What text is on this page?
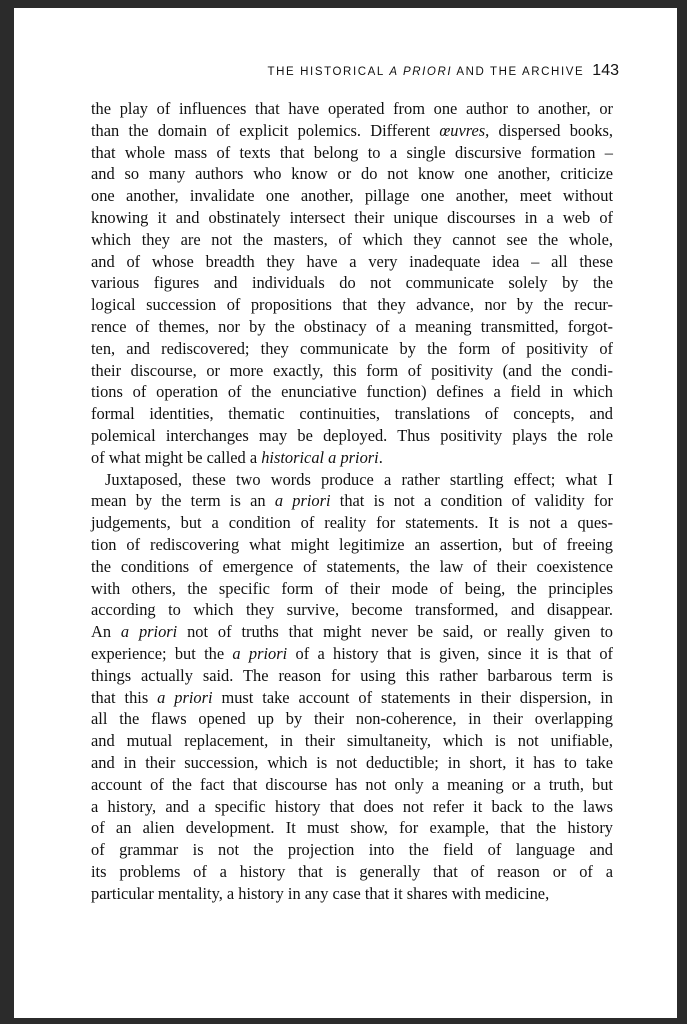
THE HISTORICAL A PRIORI AND THE ARCHIVE 143
the play of influences that have operated from one author to another, or
than the domain of explicit polemics. Different œuvres, dispersed books,
that whole mass of texts that belong to a single discursive formation –
and so many authors who know or do not know one another, criticize
one another, invalidate one another, pillage one another, meet without
knowing it and obstinately intersect their unique discourses in a web of
which they are not the masters, of which they cannot see the whole,
and of whose breadth they have a very inadequate idea – all these
various figures and individuals do not communicate solely by the
logical succession of propositions that they advance, nor by the recur-
rence of themes, nor by the obstinacy of a meaning transmitted, forgot-
ten, and rediscovered; they communicate by the form of positivity of
their discourse, or more exactly, this form of positivity (and the condi-
tions of operation of the enunciative function) defines a field in which
formal identities, thematic continuities, translations of concepts, and
polemical interchanges may be deployed. Thus positivity plays the role
of what might be called a historical a priori.
Juxtaposed, these two words produce a rather startling effect; what I
mean by the term is an a priori that is not a condition of validity for
judgements, but a condition of reality for statements. It is not a ques-
tion of rediscovering what might legitimize an assertion, but of freeing
the conditions of emergence of statements, the law of their coexistence
with others, the specific form of their mode of being, the principles
according to which they survive, become transformed, and disappear.
An a priori not of truths that might never be said, or really given to
experience; but the a priori of a history that is given, since it is that of
things actually said. The reason for using this rather barbarous term is
that this a priori must take account of statements in their dispersion, in
all the flaws opened up by their non-coherence, in their overlapping
and mutual replacement, in their simultaneity, which is not unifiable,
and in their succession, which is not deductible; in short, it has to take
account of the fact that discourse has not only a meaning or a truth, but
a history, and a specific history that does not refer it back to the laws
of an alien development. It must show, for example, that the history
of grammar is not the projection into the field of language and
its problems of a history that is generally that of reason or of a
particular mentality, a history in any case that it shares with medicine,
